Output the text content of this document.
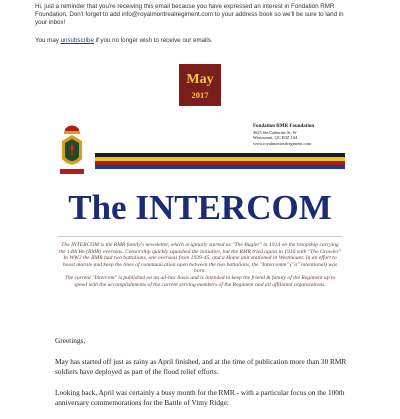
Hi, just a reminder that you're receiving this email because you have expressed an interest in Fondation RMR Foundation. Don't forget to add info@royalmontrealregiment.com to your address book so we'll be sure to land in your inbox!

You may unsubscribe if you no longer wish to receive our emails.

May
2017
Fondation RMR Foundation
4625 Ste.Catherine St. W
Westmount, QC H3Z 1S4
www.royalmontrealregiment.com
The INTERCOM

The INTERCOM is the RMR family's newsletter, which originally started as "The Bugler" in 1914 on the troopship carrying the 14th Bn (RMR) overseas. Censorship quickly squashed the initiative, but the RMR tried again in 1916 with "The Growler"

In WW2 the RMR had two battalions, one overseas from 1939-45, and a Home unit stationed in Westmount. In an effort to boost morale and keep the lines of communication open between the two battalions, the "Intercomm" ("a" intentional) was born.

The current "Intercom" is published on an ad-hoc basis and is intended to keep the friend & family of the Regiment up to speed with the accomplishments of the current serving members of the Regiment and all affiliated organizations.

Greetings,

May has started off just as rainy as April finished, and at the time of publication more than 30 RMR soldiers have deployed as part of the flood relief efforts.

Looking back, April was certainly a busy month for the RMR - with a particular focus on the 100th anniversary commemorations for the Battle of Vimy Ridge:
